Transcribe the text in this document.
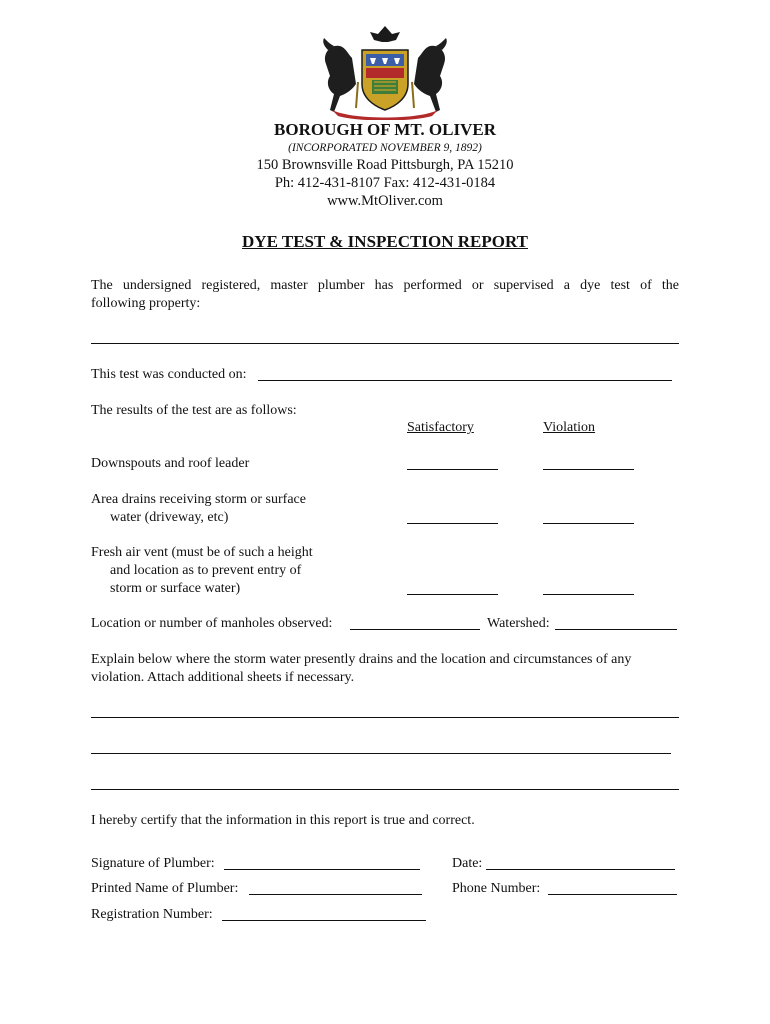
BOROUGH OF MT. OLIVER
(INCORPORATED NOVEMBER 9, 1892)
150 Brownsville Road Pittsburgh, PA 15210
Ph: 412-431-8107 Fax: 412-431-0184
www.MtOliver.com
DYE TEST & INSPECTION REPORT
The undersigned registered, master plumber has performed or supervised a dye test of the
following property:
This test was conducted on:
The results of the test are as follows:
Satisfactory	Violation
Downspouts and roof leader
Area drains receiving storm or surface
water (driveway, etc)
Fresh air vent (must be of such a height
and location as to prevent entry of
storm or surface water)
Location or number of manholes observed:	Watershed:
Explain below where the storm water presently drains and the location and circumstances of any
violation. Attach additional sheets if necessary.
I hereby certify that the information in this report is true and correct.
Signature of Plumber:	Date:
Printed Name of Plumber:	Phone Number:
Registration Number:
